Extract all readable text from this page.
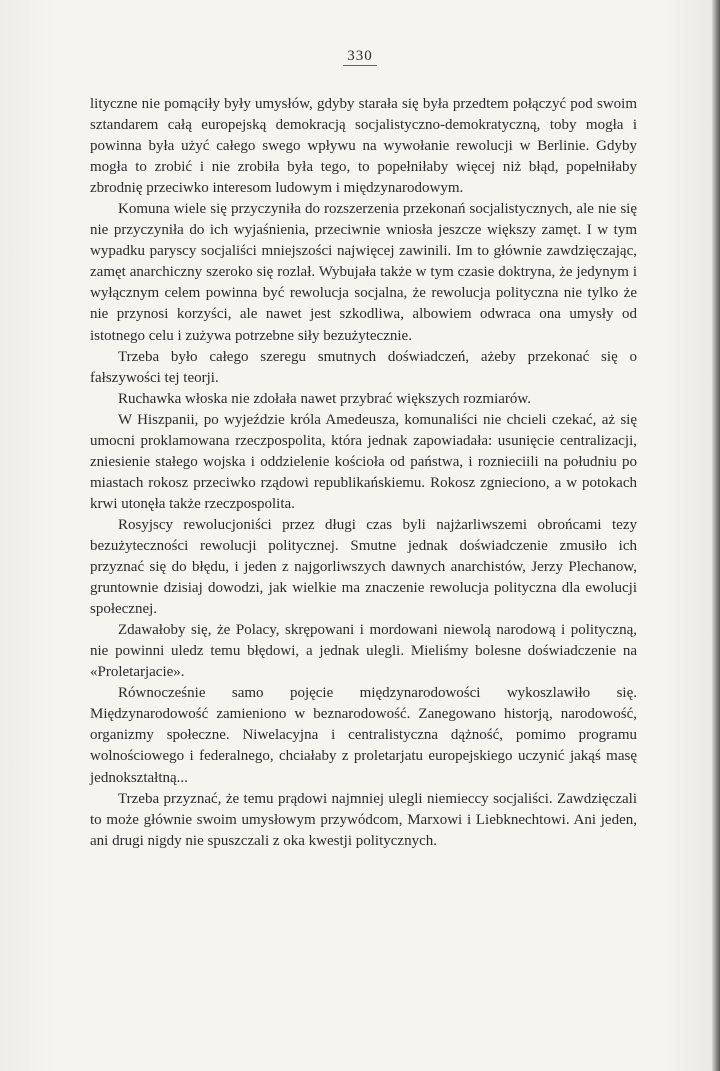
330

lityczne nie pomąciły były umysłów, gdyby starała się była przedtem połączyć pod swoim sztandarem całą europejską demokracją socjalistyczno-demokratyczną, toby mogła i powinna była użyć całego swego wpływu na wywołanie rewolucji w Berlinie. Gdyby mogła to zrobić i nie zrobiła była tego, to popełniłaby więcej niż błąd, popełniłaby zbrodnię przeciwko interesom ludowym i międzynarodowym.

Komuna wiele się przyczyniła do rozszerzenia przekonań socjalistycznych, ale nie się nie przyczyniła do ich wyjaśnienia, przeciwnie wniosła jeszcze większy zamęt. I w tym wypadku paryscy socjaliści mniejszości najwięcej zawinili. Im to głównie zawdzięczając, zamęt anarchiczny szeroko się rozlał. Wybujała także w tym czasie doktryna, że jedynym i wyłącznym celem powinna być rewolucja socjalna, że rewolucja polityczna nie tylko że nie przynosi korzyści, ale nawet jest szkodliwa, albowiem odwraca ona umysły od istotnego celu i zużywa potrzebne siły bezużytecznie.

Trzeba było całego szeregu smutnych doświadczeń, ażeby przekonać się o fałszywości tej teorji.

Ruchawka włoska nie zdołała nawet przybrać większych rozmiarów.

W Hiszpanii, po wyjeździe króla Amedeusza, komunaliści nie chcieli czekać, aż się umocni proklamowana rzeczpospolita, która jednak zapowiadała: usunięcie centralizacji, zniesienie stałego wojska i oddzielenie kościoła od państwa, i roznieciili na południu po miastach rokosz przeciwko rządowi republikańskiemu. Rokosz zgnieciono, a w potokach krwi utonęła także rzeczpospolita.

Rosyjscy rewolucjoniści przez długi czas byli najżarliwszemi obrońcami tezy bezużyteczności rewolucji politycznej. Smutne jednak doświadczenie zmusiło ich przyznać się do błędu, i jeden z najgorliwszych dawnych anarchistów, Jerzy Plechanow, gruntownie dzisiaj dowodzi, jak wielkie ma znaczenie rewolucja polityczna dla ewolucji społecznej.

Zdawałoby się, że Polacy, skrępowani i mordowani niewolą narodową i polityczną, nie powinni uledz temu błędowi, a jednak ulegli. Mieliśmy bolesne doświadczenie na «Proletarjacie».

Równocześnie samo pojęcie międzynarodowości wykoszlawiło się. Międzynarodowość zamieniono w beznarodowość. Zanegowano historją, narodowość, organizmy społeczne. Niwelacyjna i centralistyczna dążność, pomimo programu wolnościowego i federalnego, chciałaby z proletarjatu europejskiego uczynić jakąś masę jednokształtną...

Trzeba przyznać, że temu prądowi najmniej ulegli niemieccy socjaliści. Zawdzięczali to może głównie swoim umysłowym przywódcom, Marxowi i Liebknechtowi. Ani jeden, ani drugi nigdy nie spuszczali z oka kwestji politycznych.
